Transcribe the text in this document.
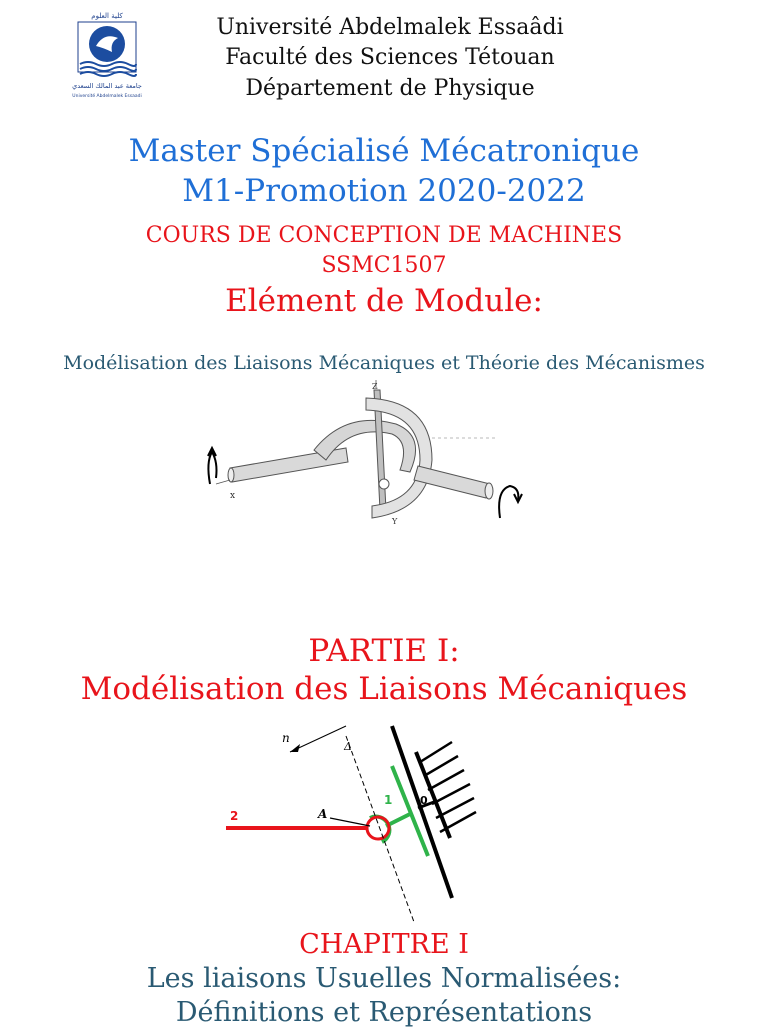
كلية العلوم
جامعة عبد المالك السعدي
Université Abdelmalek Essaadi
Université Abdelmalek Essaâdi
Faculté des Sciences Tétouan
Département de Physique
Master Spécialisé Mécatronique
M1-Promotion 2020-2022
COURS DE CONCEPTION DE MACHINES
SSMC1507
Elément de Module:
Modélisation des Liaisons Mécaniques et Théorie des Mécanismes
Z
x
Y
PARTIE I:
Modélisation des Liaisons Mécaniques
n
Δ
A
2
1	0
CHAPITRE I
Les liaisons Usuelles Normalisées:
Définitions et Représentations
